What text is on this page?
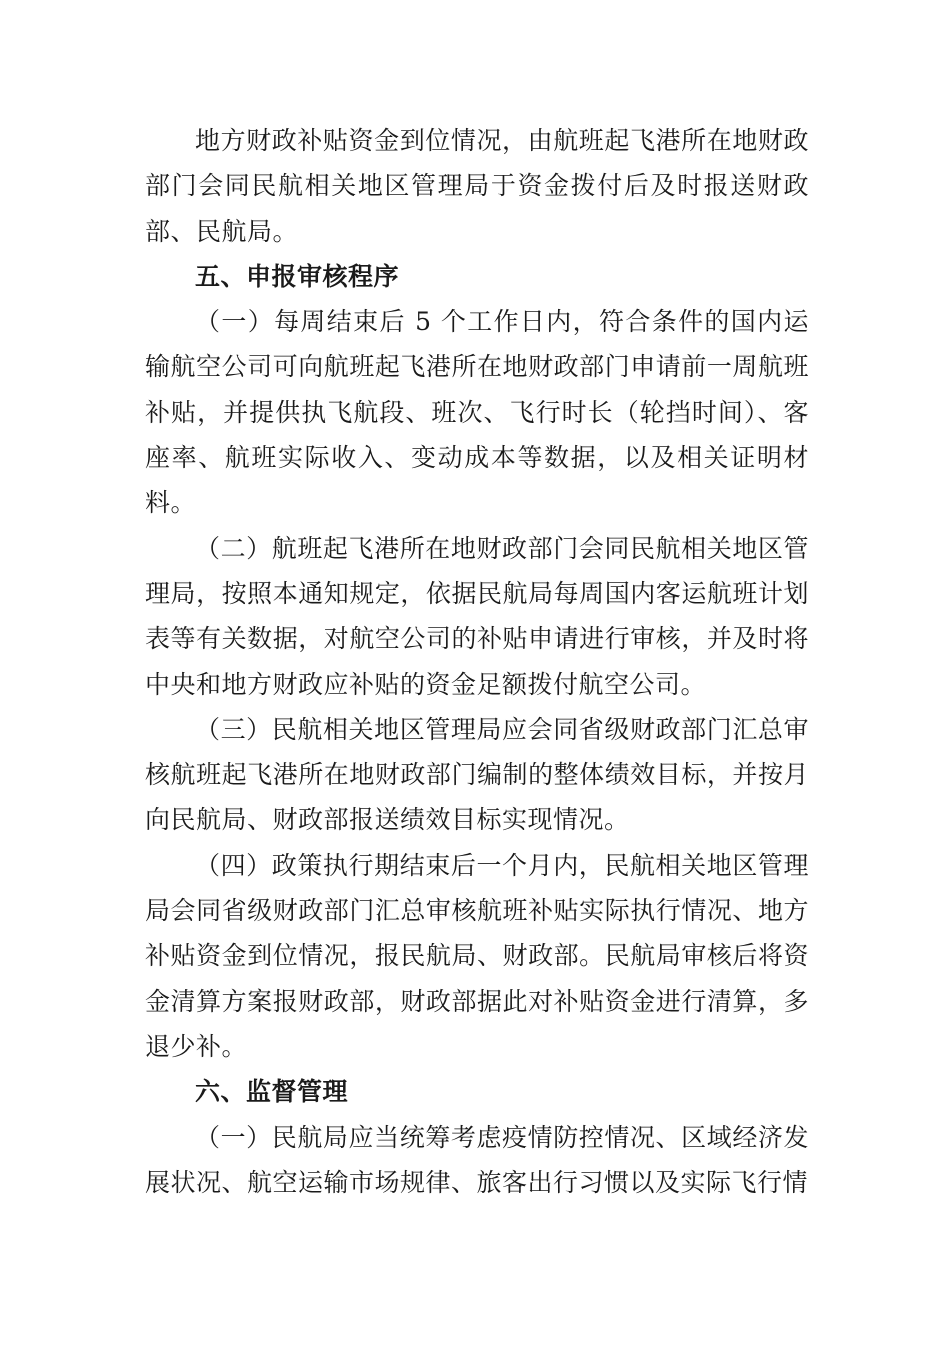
地方财政补贴资金到位情况，由航班起飞港所在地财政部门会同民航相关地区管理局于资金拨付后及时报送财政部、民航局。

五、申报审核程序

（一）每周结束后 5 个工作日内，符合条件的国内运输航空公司可向航班起飞港所在地财政部门申请前一周航班补贴，并提供执飞航段、班次、飞行时长（轮挡时间）、客座率、航班实际收入、变动成本等数据，以及相关证明材料。

（二）航班起飞港所在地财政部门会同民航相关地区管理局，按照本通知规定，依据民航局每周国内客运航班计划表等有关数据，对航空公司的补贴申请进行审核，并及时将中央和地方财政应补贴的资金足额拨付航空公司。

（三）民航相关地区管理局应会同省级财政部门汇总审核航班起飞港所在地财政部门编制的整体绩效目标，并按月向民航局、财政部报送绩效目标实现情况。

（四）政策执行期结束后一个月内，民航相关地区管理局会同省级财政部门汇总审核航班补贴实际执行情况、地方补贴资金到位情况，报民航局、财政部。民航局审核后将资金清算方案报财政部，财政部据此对补贴资金进行清算，多退少补。

六、监督管理

（一）民航局应当统筹考虑疫情防控情况、区域经济发展状况、航空运输市场规律、旅客出行习惯以及实际飞行情
